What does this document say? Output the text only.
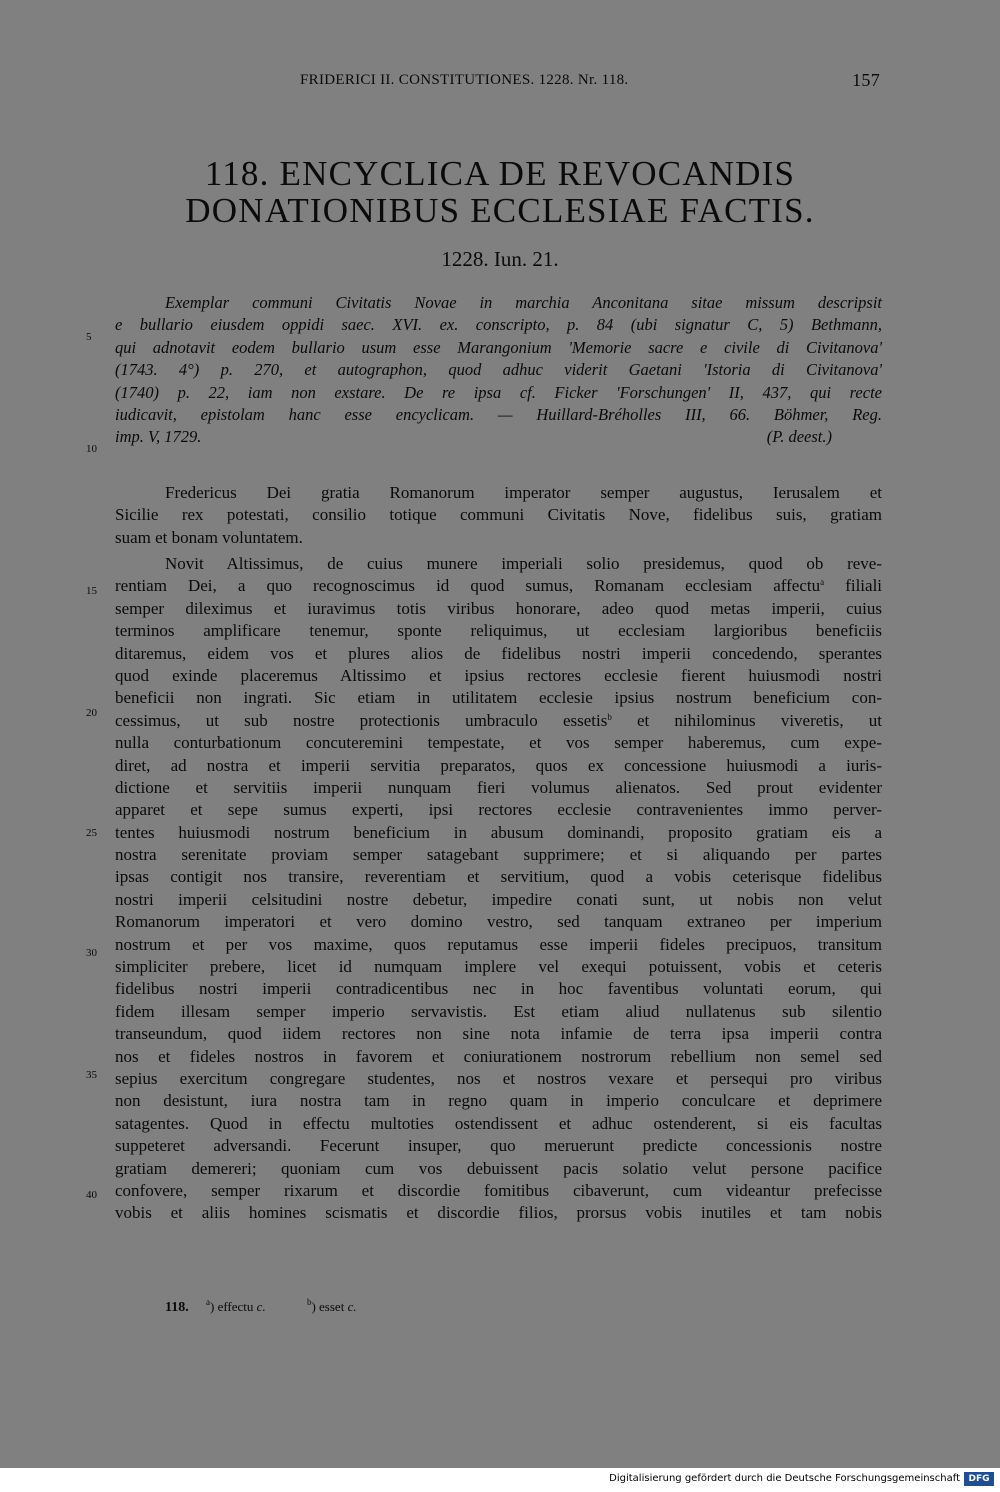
FRIDERICI II. CONSTITUTIONES. 1228. Nr. 118.	157
118. ENCYCLICA DE REVOCANDIS
DONATIONIBUS ECCLESIAE FACTIS.
1228. Iun. 21.
Exemplar communi Civitatis Novae in marchia Anconitana sitae missum descripsit
e bullario eiusdem oppidi saec. XVI. ex. conscripto, p. 84 (ubi signatur C, 5) Bethmann,
qui adnotavit eodem bullario usum esse Marangonium 'Memorie sacre e civile di Civitanova'
(1743. 4°) p. 270, et autographon, quod adhuc viderit Gaetani 'Istoria di Civitanova'
(1740) p. 22, iam non exstare. De re ipsa cf. Ficker 'Forschungen' II, 437, qui recte
iudicavit, epistolam hanc esse encyclicam. — Huillard-Bréholles III, 66. Böhmer, Reg.
imp. V, 1729.	(P. deest.)
Fredericus Dei gratia Romanorum imperator semper augustus, Ierusalem et
Sicilie rex potestati, consilio totique communi Civitatis Nove, fidelibus suis, gratiam
suam et bonam voluntatem.
Novit Altissimus, de cuius munere imperiali solio presidemus, quod ob reve-
rentiam Dei, a quo recognoscimus id quod sumus, Romanam ecclesiam affectu$^a$ filiali
semper dileximus et iuravimus totis viribus honorare, adeo quod metas imperii, cuius
terminos amplificare tenemur, sponte reliquimus, ut ecclesiam largioribus beneficiis
ditaremus, eidem vos et plures alios de fidelibus nostri imperii concedendo, sperantes
quod exinde placeremus Altissimo et ipsius rectores ecclesie fierent huiusmodi nostri
beneficii non ingrati. Sic etiam in utilitatem ecclesie ipsius nostrum beneficium con-
cessimus, ut sub nostre protectionis umbraculo essetis$^b$ et nihilominus viveretis, ut
nulla conturbationum concuteremini tempestate, et vos semper haberemus, cum expe-
diret, ad nostra et imperii servitia preparatos, quos ex concessione huiusmodi a iuris-
dictione et servitiis imperii nunquam fieri volumus alienatos. Sed prout evidenter
apparet et sepe sumus experti, ipsi rectores ecclesie contravenientes immo perver-
tentes huiusmodi nostrum beneficium in abusum dominandi, proposito gratiam eis a
nostra serenitate proviam semper satagebant supprimere; et si aliquando per partes
ipsas contigit nos transire, reverentiam et servitium, quod a vobis ceterisque fidelibus
nostri imperii celsitudini nostre debetur, impedire conati sunt, ut nobis non velut
Romanorum imperatori et vero domino vestro, sed tanquam extraneo per imperium
nostrum et per vos maxime, quos reputamus esse imperii fideles precipuos, transitum
simpliciter prebere, licet id numquam implere vel exequi potuissent, vobis et ceteris
fidelibus nostri imperii contradicentibus nec in hoc faventibus voluntati eorum, qui
fidem illesam semper imperio servavistis. Est etiam aliud nullatenus sub silentio
transeundum, quod iidem rectores non sine nota infamie de terra ipsa imperii contra
nos et fideles nostros in favorem et coniurationem nostrorum rebellium non semel sed
sepius exercitum congregare studentes, nos et nostros vexare et persequi pro viribus
non desistunt, iura nostra tam in regno quam in imperio conculcare et deprimere
satagentes. Quod in effectu multoties ostendissent et adhuc ostenderent, si eis facultas
suppeteret adversandi. Fecerunt insuper, quo meruerunt predicte concessionis nostre
gratiam demereri; quoniam cum vos debuissent pacis solatio velut persone pacifice
confovere, semper rixarum et discordie fomitibus cibaverunt, cum videantur prefecisse
vobis et aliis homines scismatis et discordie filios, prorsus vobis inutiles et tam nobis
5
10
15
20
25
30
35
40
118. $^a$) effectu c.	$^b$) esset c.
Digitalisierung gefördert durch die Deutsche Forschungsgemeinschaft DFG
